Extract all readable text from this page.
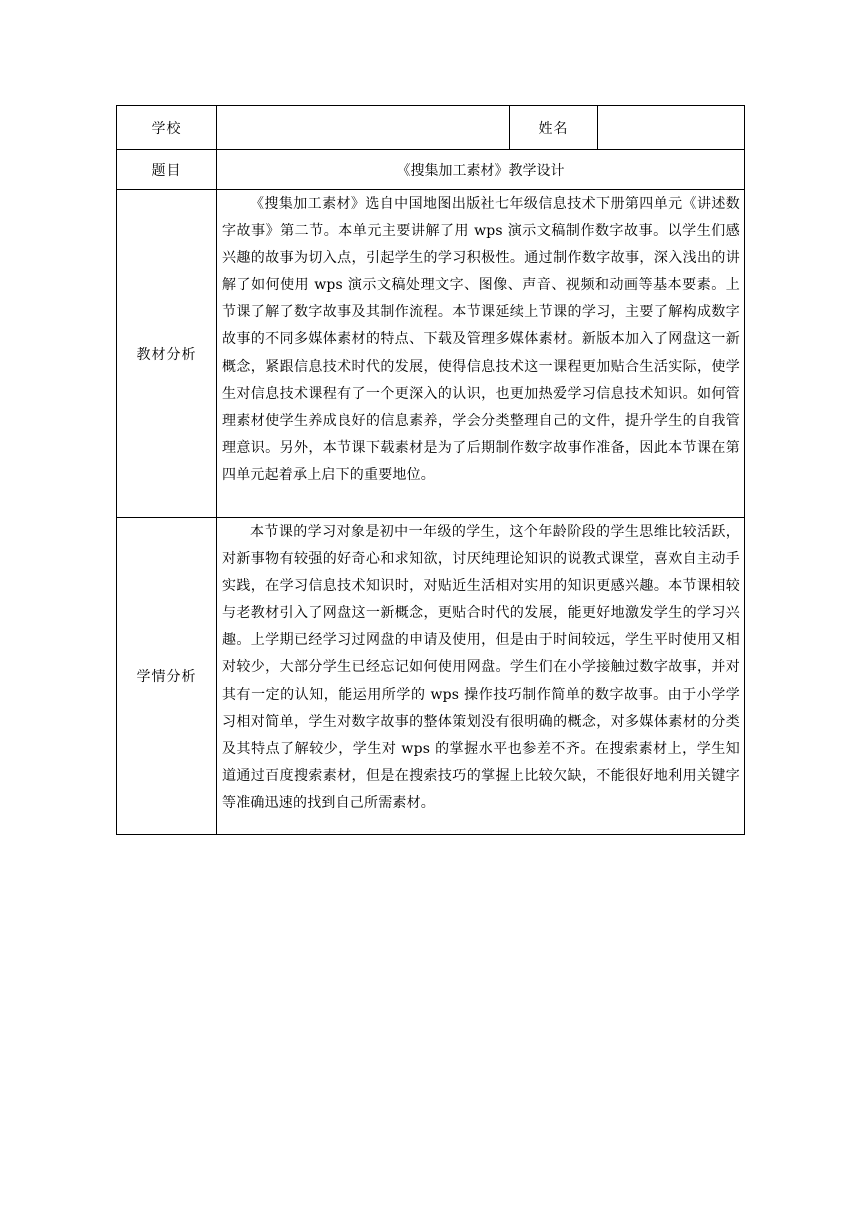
学校		姓名	
题目	《搜集加工素材》教学设计		
教材分析	《搜集加工素材》选自中国地图出版社七年级信息技术下册第四单元《讲述数字故事》第二节。本单元主要讲解了用 wps 演示文稿制作数字故事。以学生们感兴趣的故事为切入点，引起学生的学习积极性。通过制作数字故事，深入浅出的讲解了如何使用 wps 演示文稿处理文字、图像、声音、视频和动画等基本要素。上节课了解了数字故事及其制作流程。本节课延续上节课的学习，主要了解构成数字故事的不同多媒体素材的特点、下载及管理多媒体素材。新版本加入了网盘这一新概念，紧跟信息技术时代的发展，使得信息技术这一课程更加贴合生活实际，使学生对信息技术课程有了一个更深入的认识，也更加热爱学习信息技术知识。如何管理素材使学生养成良好的信息素养，学会分类整理自己的文件，提升学生的自我管理意识。另外，本节课下载素材是为了后期制作数字故事作准备，因此本节课在第四单元起着承上启下的重要地位。		

学情分析	本节课的学习对象是初中一年级的学生，这个年龄阶段的学生思维比较活跃，对新事物有较强的好奇心和求知欲，讨厌纯理论知识的说教式课堂，喜欢自主动手实践，在学习信息技术知识时，对贴近生活相对实用的知识更感兴趣。本节课相较与老教材引入了网盘这一新概念，更贴合时代的发展，能更好地激发学生的学习兴趣。上学期已经学习过网盘的申请及使用，但是由于时间较远，学生平时使用又相对较少，大部分学生已经忘记如何使用网盘。学生们在小学接触过数字故事，并对其有一定的认知，能运用所学的 wps 操作技巧制作简单的数字故事。由于小学学习相对简单，学生对数字故事的整体策划没有很明确的概念，对多媒体素材的分类及其特点了解较少，学生对 wps 的掌握水平也参差不齐。在搜索素材上，学生知道通过百度搜索素材，但是在搜索技巧的掌握上比较欠缺，不能很好地利用关键字等准确迅速的找到自己所需素材。		
